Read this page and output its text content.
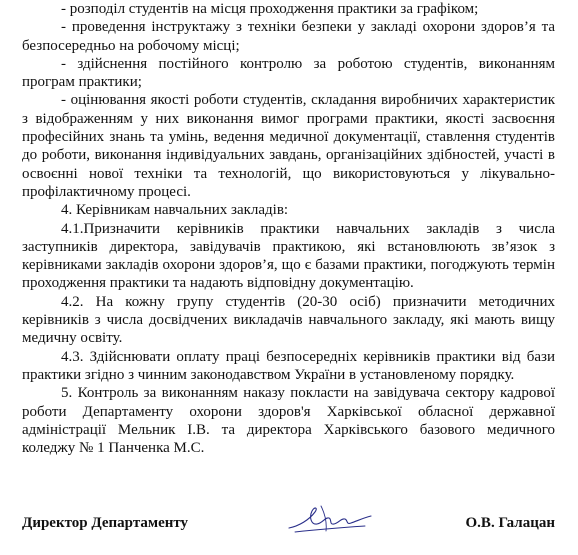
- розподіл студентів на місця проходження практики за графіком;

- проведення інструктажу з техніки безпеки у закладі охорони здоров’я та безпосередньо на робочому місці;

- здійснення постійного контролю за роботою студентів, виконанням програм практики;

- оцінювання якості роботи студентів, складання виробничих характеристик з відображенням у них виконання вимог програми практики, якості засвоєння професійних знань та умінь, ведення медичної документації, ставлення студентів до роботи, виконання індивідуальних завдань, організаційних здібностей, участі в освоєнні нової техніки та технологій, що використовуються у лікувально-профілактичному процесі.

4. Керівникам навчальних закладів:

4.1.Призначити керівників практики навчальних закладів з числа заступників директора, завідувачів практикою, які встановлюють зв’язок з керівниками закладів охорони здоров’я, що є базами практики, погоджують термін проходження практики та надають відповідну документацію.

4.2. На кожну групу студентів (20-30 осіб) призначити методичних керівників з числа досвідчених викладачів навчального закладу, які мають вищу медичну освіту.

4.3. Здійснювати оплату праці безпосередніх керівників практики від бази практики згідно з чинним законодавством України в установленому порядку.

5. Контроль за виконанням наказу покласти на завідувача сектору кадрової роботи Департаменту охорони здоров'я Харківської обласної державної адміністрації Мельник І.В. та директора Харківського базового медичного коледжу № 1 Панченка М.С.

Директор Департаменту	О.В. Галацан
